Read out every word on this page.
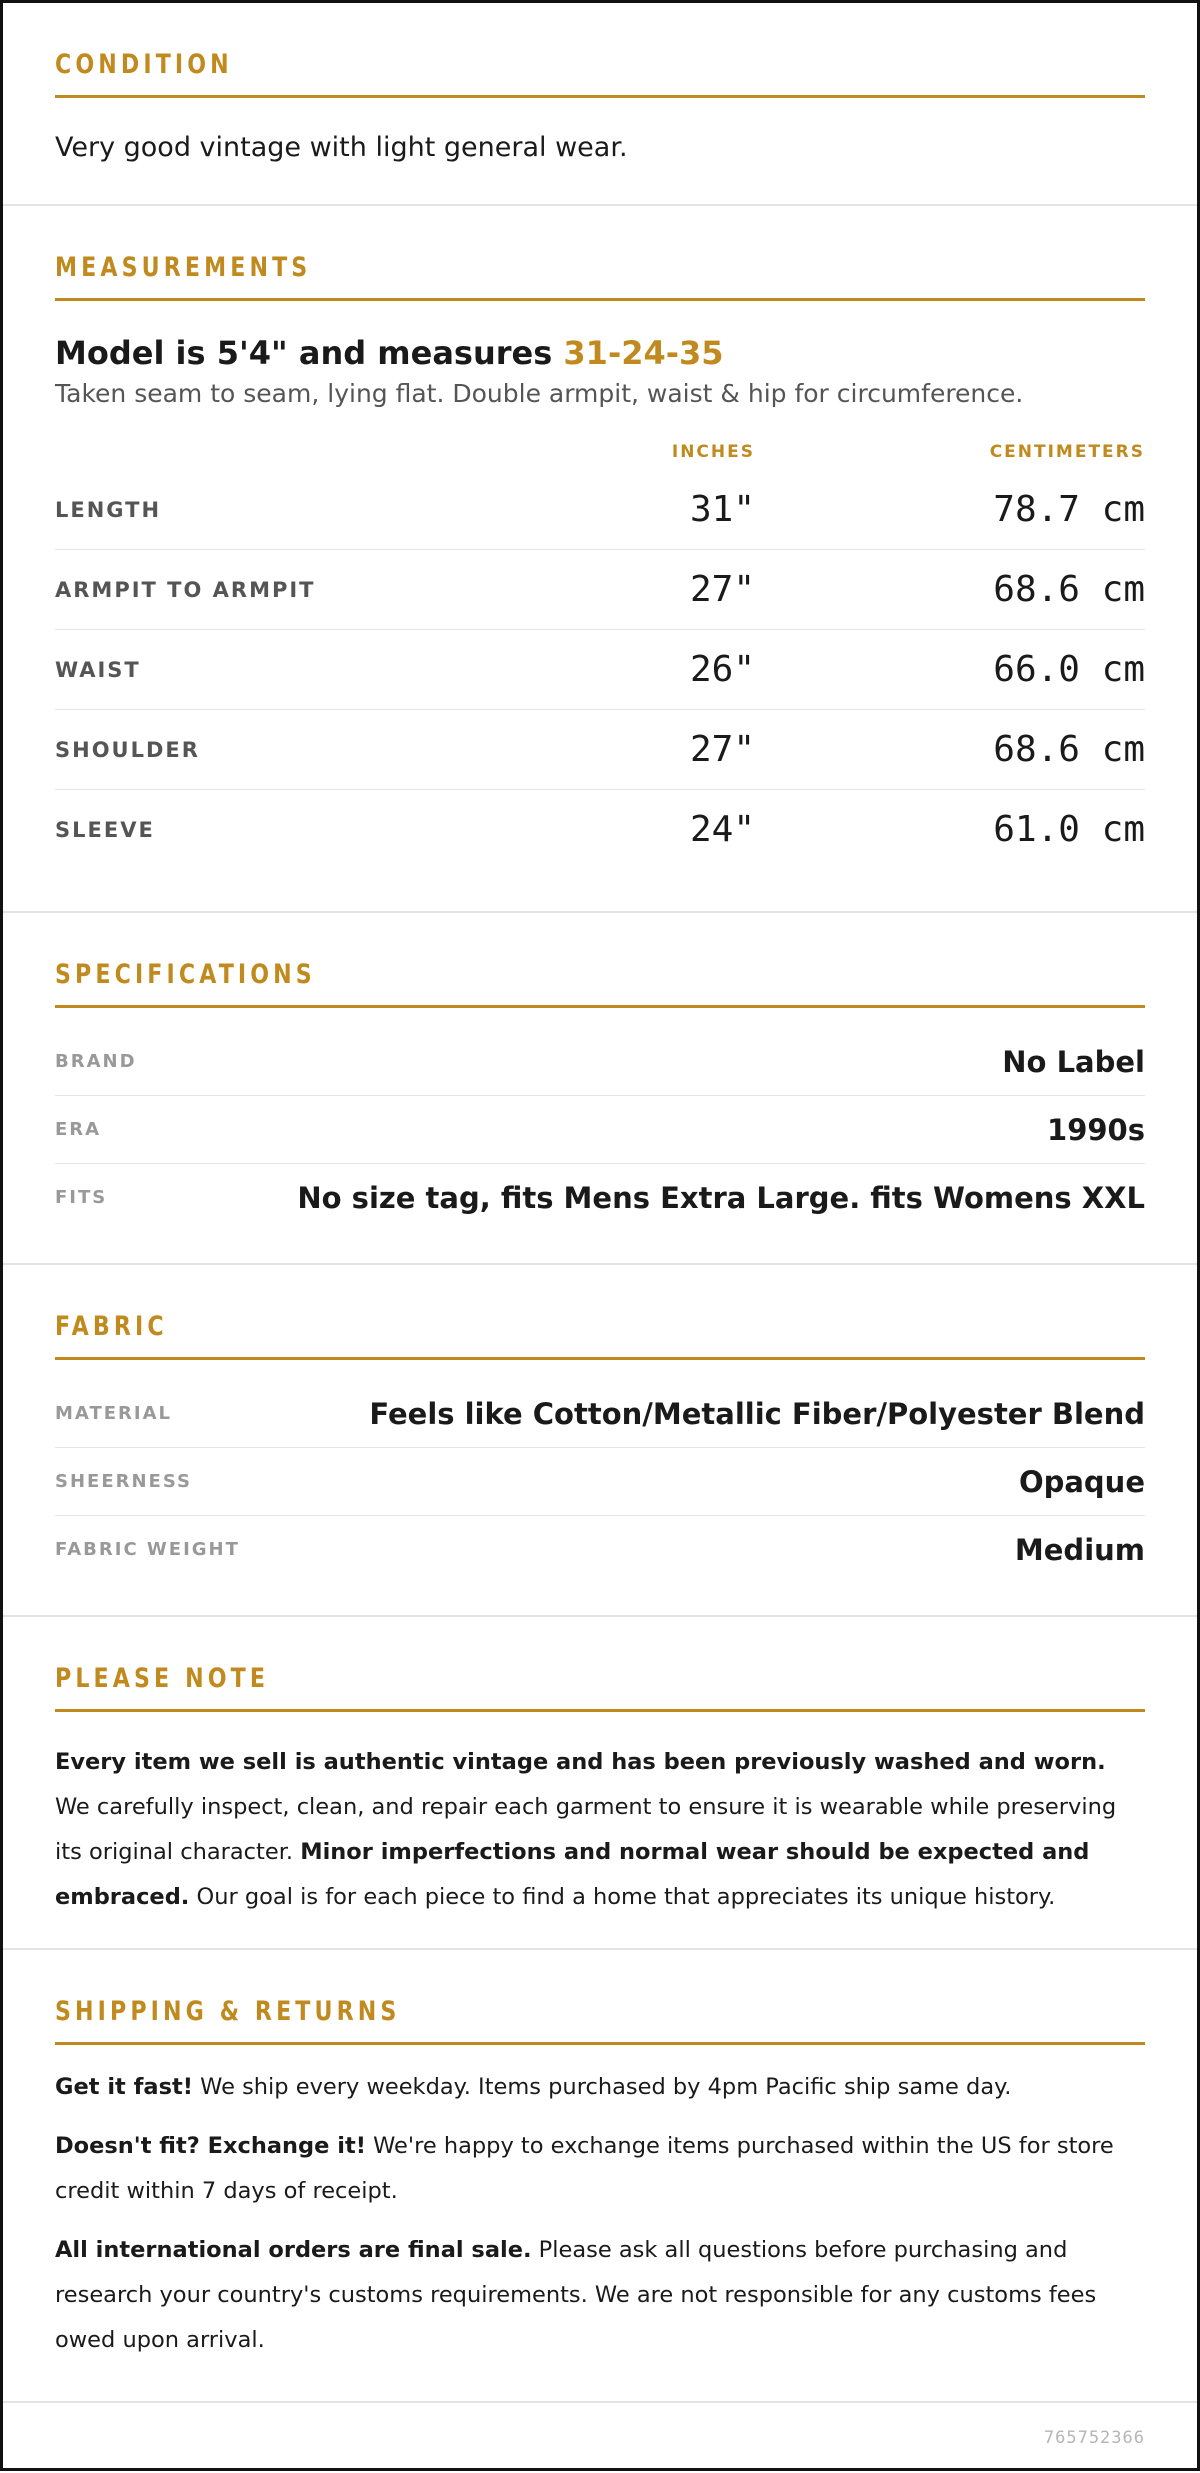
CONDITION

Very good vintage with light general wear.

MEASUREMENTS

Model is 5'4" and measures 31-24-35

Taken seam to seam, lying flat. Double armpit, waist & hip for circumference.

INCHES	CENTIMETERS
LENGTH	31"	78.7 cm
ARMPIT TO ARMPIT	27"	68.6 cm
WAIST	26"	66.0 cm
SHOULDER	27"	68.6 cm
SLEEVE	24"	61.0 cm
SPECIFICATIONS
BRAND	No Label
ERA	1990s
FITS	No size tag, fits Mens Extra Large. fits Womens XXL
FABRIC
MATERIAL	Feels like Cotton/Metallic Fiber/Polyester Blend
SHEERNESS	Opaque
FABRIC WEIGHT	Medium
PLEASE NOTE

Every item we sell is authentic vintage and has been previously washed and worn. We carefully inspect, clean, and repair each garment to ensure it is wearable while preserving its original character. Minor imperfections and normal wear should be expected and embraced. Our goal is for each piece to find a home that appreciates its unique history.

SHIPPING & RETURNS

Get it fast! We ship every weekday. Items purchased by 4pm Pacific ship same day.

Doesn't fit? Exchange it! We're happy to exchange items purchased within the US for store credit within 7 days of receipt.

All international orders are final sale. Please ask all questions before purchasing and research your country's customs requirements. We are not responsible for any customs fees owed upon arrival.

765752366
